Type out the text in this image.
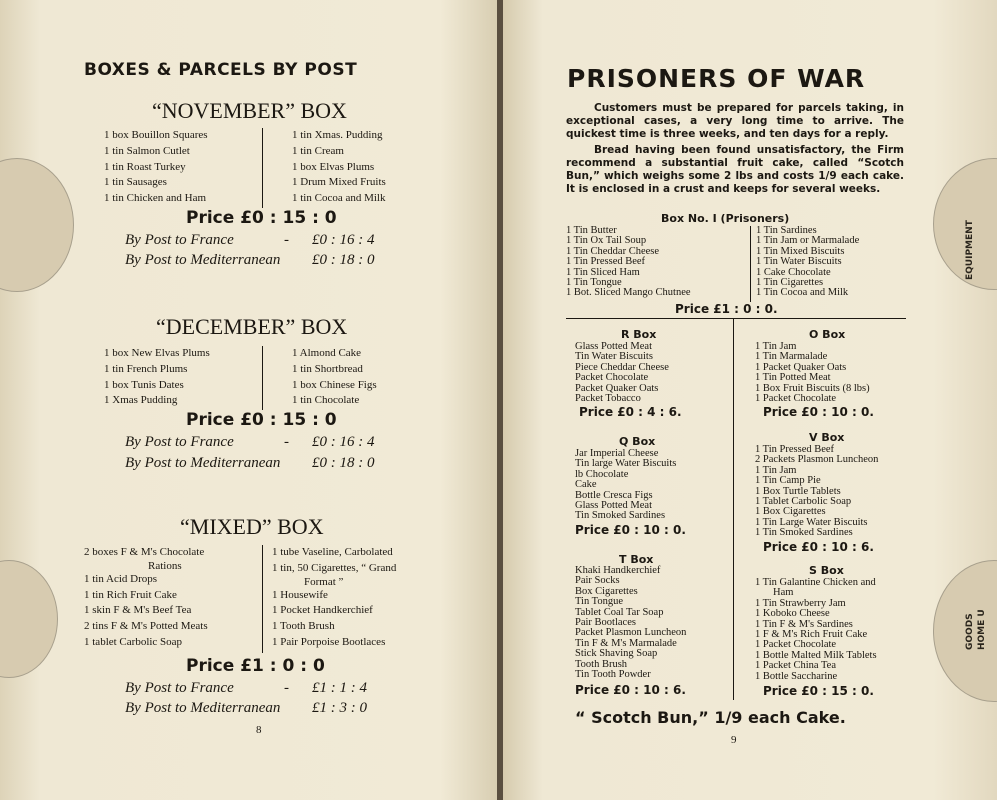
BOXES & PARCELS BY POST
“NOVEMBER” BOX
1 box Bouillon Squares
1 tin Salmon Cutlet
1 tin Roast Turkey
1 tin Sausages
1 tin Chicken and Ham
1 tin Xmas. Pudding
1 tin Cream
1 box Elvas Plums
1 Drum Mixed Fruits
1 tin Cocoa and Milk
Price £0 : 15 : 0
By Post to France	- £0 : 16 : 4
By Post to Mediterranean £0 : 18 : 0
“DECEMBER” BOX
1 box New Elvas Plums
1 tin French Plums
1 box Tunis Dates
1 Xmas Pudding
1 Almond Cake
1 tin Shortbread
1 box Chinese Figs
1 tin Chocolate
Price £0 : 15 : 0
By Post to France	- £0 : 16 : 4
By Post to Mediterranean £0 : 18 : 0
“MIXED” BOX
2 boxes F & M's Chocolate
Rations
1 tin Acid Drops
1 tin Rich Fruit Cake
1 skin F & M's Beef Tea
2 tins F & M's Potted Meats
1 tablet Carbolic Soap
1 tube Vaseline, Carbolated
1 tin, 50 Cigarettes, “ Grand
Format ”
1 Housewife
1 Pocket Handkerchief
1 Tooth Brush
1 Pair Porpoise Bootlaces
Price £1 : 0 : 0
By Post to France	- £1 : 1 : 4
By Post to Mediterranean £1 : 3 : 0
8
EQUIPMENT
GOODS HOME U
PRISONERS OF WAR

Customers must be prepared for parcels taking, in exceptional cases, a very long time to arrive. The quickest time is three weeks, and ten days for a reply.

Bread having been found unsatisfactory, the Firm recommend a substantial fruit cake, called “Scotch Bun,” which weighs some 2 lbs and costs 1/9 each cake. It is enclosed in a crust and keeps for several weeks.

Box No. I (Prisoners)
1 Tin Butter
1 Tin Ox Tail Soup
1 Tin Cheddar Cheese
1 Tin Pressed Beef
1 Tin Sliced Ham
1 Tin Tongue
1 Bot. Sliced Mango Chutnee
1 Tin Sardines
1 Tin Jam or Marmalade
1 Tin Mixed Biscuits
1 Tin Water Biscuits
1 Cake Chocolate
1 Tin Cigarettes
1 Tin Cocoa and Milk
Price £1 : 0 : 0.
R Box
Glass Potted Meat
Tin Water Biscuits
Piece Cheddar Cheese
Packet Chocolate
Packet Quaker Oats
Packet Tobacco
Price £0 : 4 : 6.
O Box
1 Tin Jam
1 Tin Marmalade
1 Packet Quaker Oats
1 Tin Potted Meat
1 Box Fruit Biscuits (8 lbs)
1 Packet Chocolate
Price £0 : 10 : 0.
Q Box
Jar Imperial Cheese
Tin large Water Biscuits
lb Chocolate
Cake
Bottle Cresca Figs
Glass Potted Meat
Tin Smoked Sardines
Price £0 : 10 : 0.
V Box
1 Tin Pressed Beef
2 Packets Plasmon Luncheon
1 Tin Jam
1 Tin Camp Pie
1 Box Turtle Tablets
1 Tablet Carbolic Soap
1 Box Cigarettes
1 Tin Large Water Biscuits
1 Tin Smoked Sardines
Price £0 : 10 : 6.
T Box
Khaki Handkerchief
Pair Socks
Box Cigarettes
Tin Tongue
Tablet Coal Tar Soap
Pair Bootlaces
Packet Plasmon Luncheon
Tin F & M's Marmalade
Stick Shaving Soap
Tooth Brush
Tin Tooth Powder
Price £0 : 10 : 6.
S Box
1 Tin Galantine Chicken and
Ham
1 Tin Strawberry Jam
1 Koboko Cheese
1 Tin F & M's Sardines
1 F & M's Rich Fruit Cake
1 Packet Chocolate
1 Bottle Malted Milk Tablets
1 Packet China Tea
1 Bottle Saccharine
Price £0 : 15 : 0.
“ Scotch Bun,” 1/9 each Cake.
9
